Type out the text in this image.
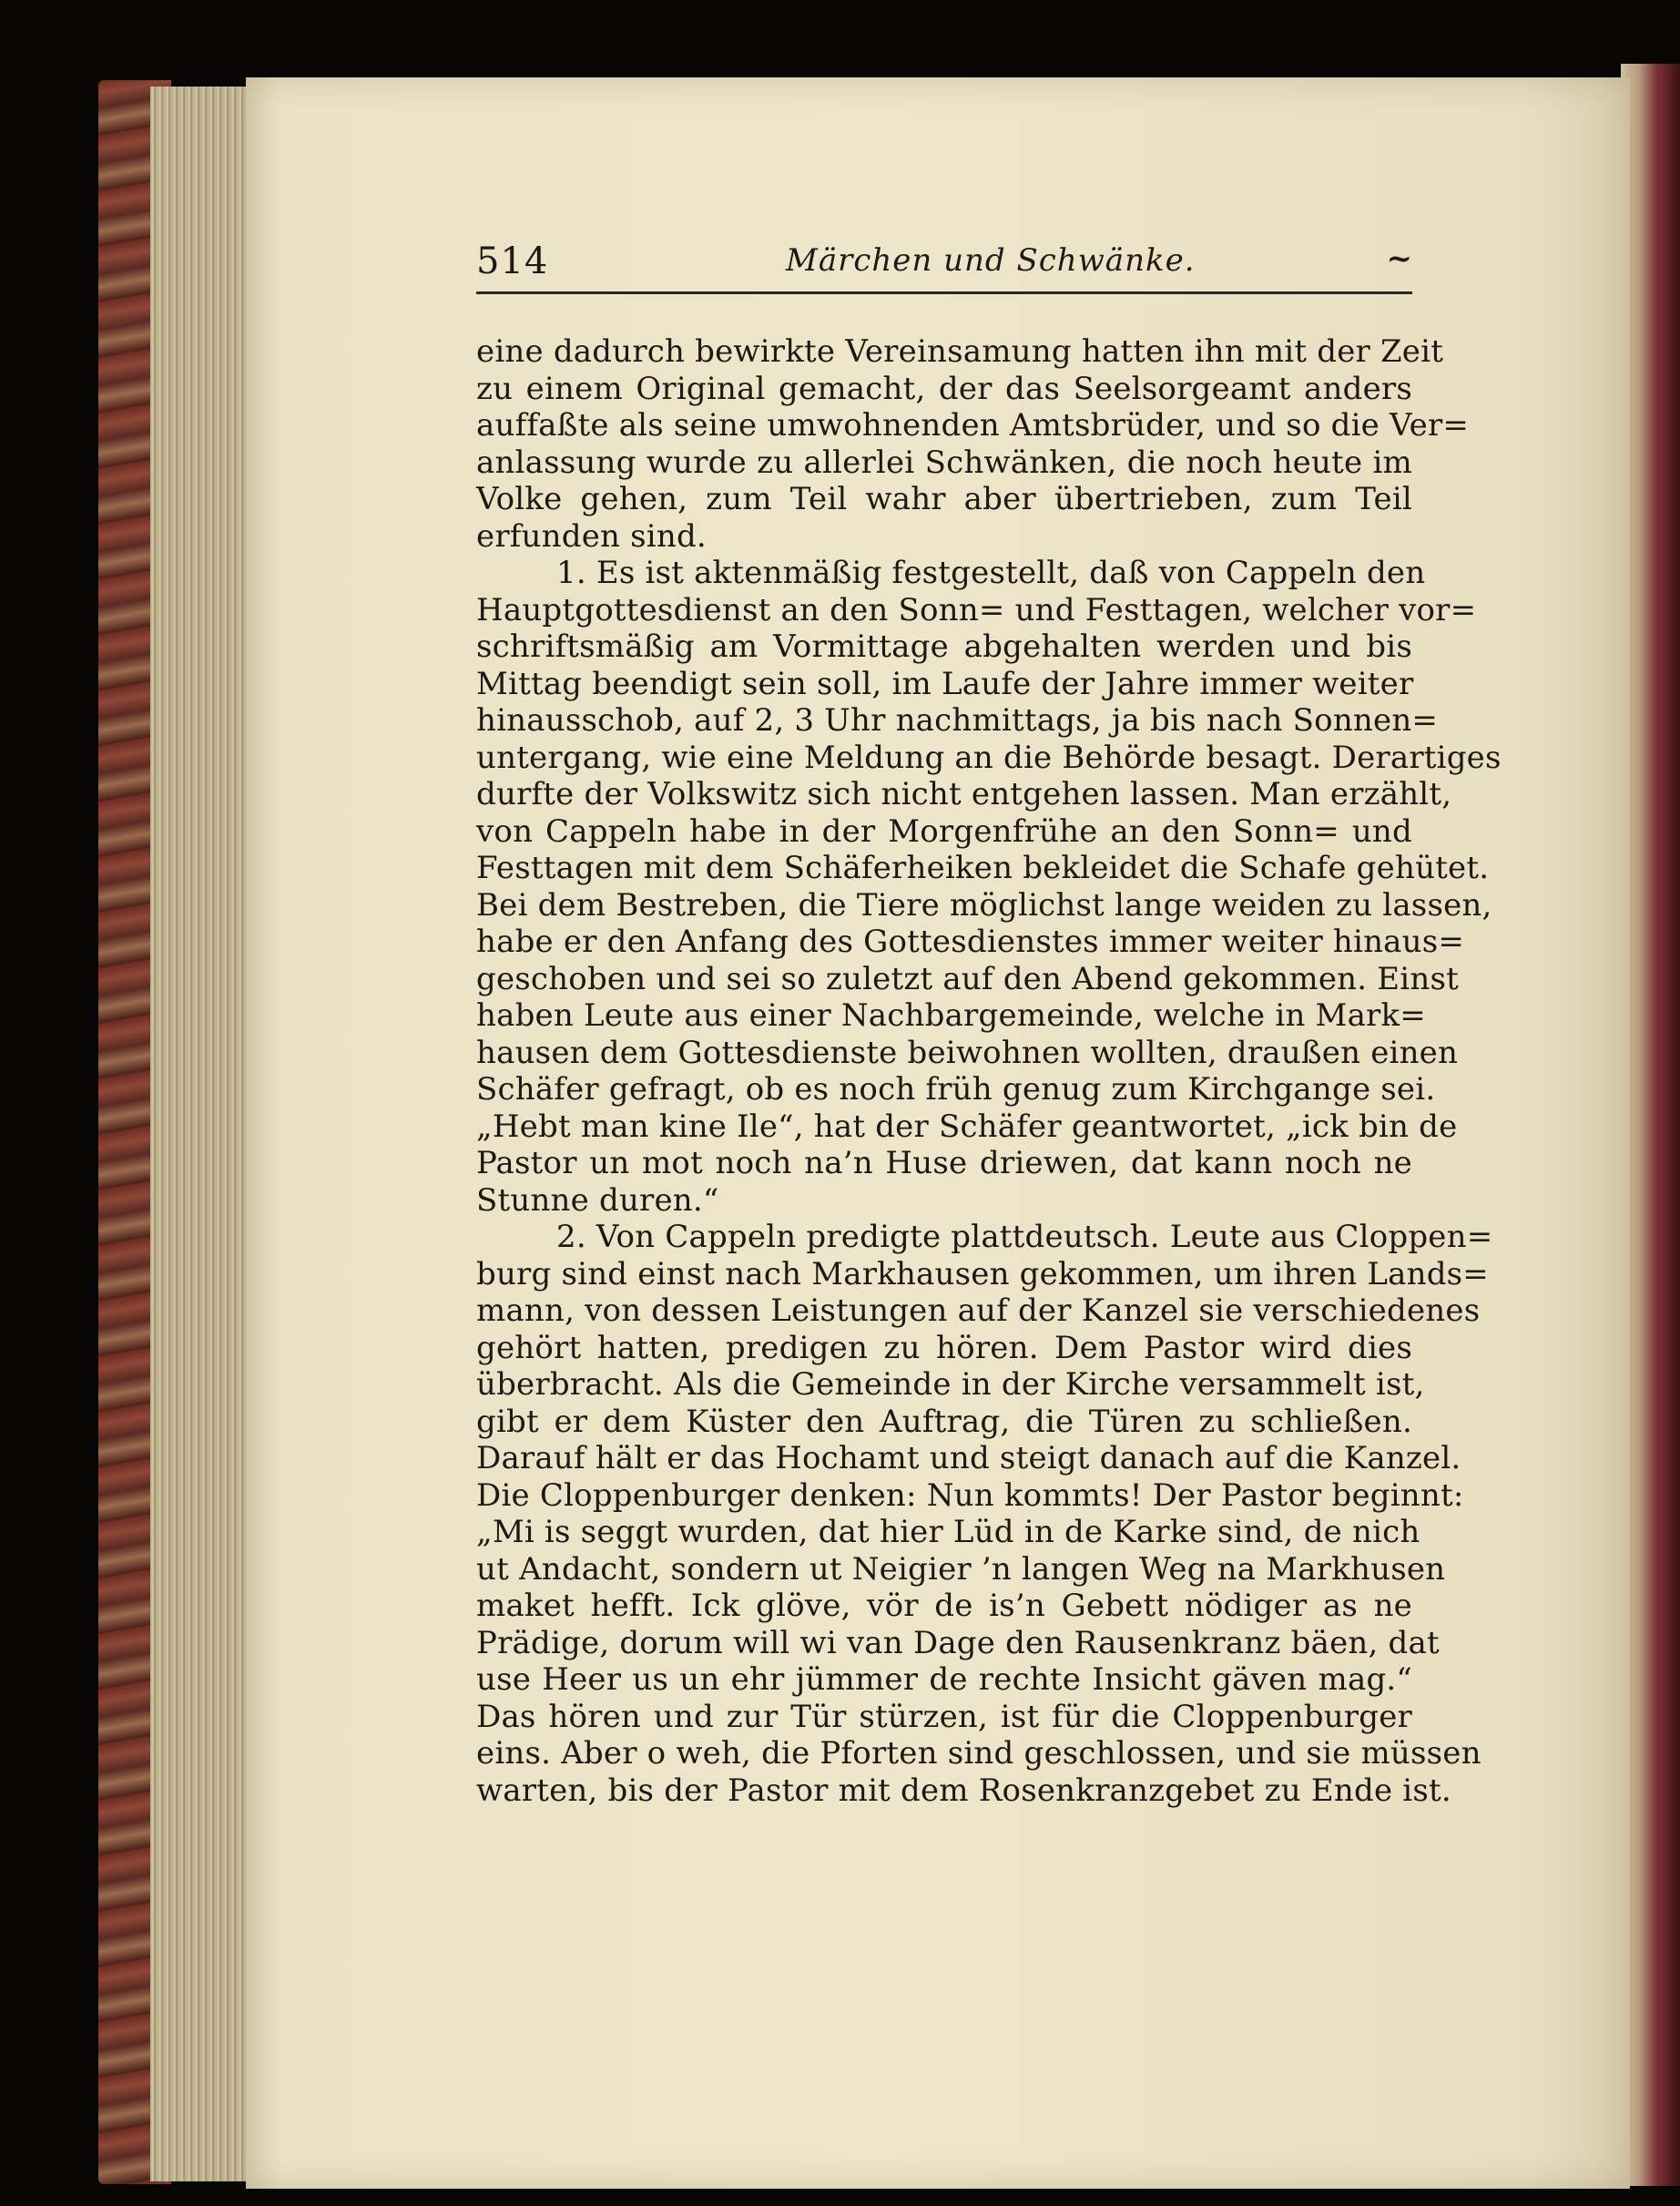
514	Märchen und Schwänke.	~
eine dadurch bewirkte Vereinsamung hatten ihn mit der Zeit
zu einem Original gemacht, der das Seelsorgeamt anders
auffaßte als seine umwohnenden Amtsbrüder, und so die Ver=
anlassung wurde zu allerlei Schwänken, die noch heute im
Volke gehen, zum Teil wahr aber übertrieben, zum Teil
erfunden sind.
1. Es ist aktenmäßig festgestellt, daß von Cappeln den
Hauptgottesdienst an den Sonn= und Festtagen, welcher vor=
schriftsmäßig am Vormittage abgehalten werden und bis
Mittag beendigt sein soll, im Laufe der Jahre immer weiter
hinausschob, auf 2, 3 Uhr nachmittags, ja bis nach Sonnen=
untergang, wie eine Meldung an die Behörde besagt. Derartiges
durfte der Volkswitz sich nicht entgehen lassen. Man erzählt,
von Cappeln habe in der Morgenfrühe an den Sonn= und
Festtagen mit dem Schäferheiken bekleidet die Schafe gehütet.
Bei dem Bestreben, die Tiere möglichst lange weiden zu lassen,
habe er den Anfang des Gottesdienstes immer weiter hinaus=
geschoben und sei so zuletzt auf den Abend gekommen. Einst
haben Leute aus einer Nachbargemeinde, welche in Mark=
hausen dem Gottesdienste beiwohnen wollten, draußen einen
Schäfer gefragt, ob es noch früh genug zum Kirchgange sei.
„Hebt man kine Ile“, hat der Schäfer geantwortet, „ick bin de
Pastor un mot noch na’n Huse driewen, dat kann noch ne
Stunne duren.“
2. Von Cappeln predigte plattdeutsch. Leute aus Cloppen=
burg sind einst nach Markhausen gekommen, um ihren Lands=
mann, von dessen Leistungen auf der Kanzel sie verschiedenes
gehört hatten, predigen zu hören. Dem Pastor wird dies
überbracht. Als die Gemeinde in der Kirche versammelt ist,
gibt er dem Küster den Auftrag, die Türen zu schließen.
Darauf hält er das Hochamt und steigt danach auf die Kanzel.
Die Cloppenburger denken: Nun kommts! Der Pastor beginnt:
„Mi is seggt wurden, dat hier Lüd in de Karke sind, de nich
ut Andacht, sondern ut Neigier ’n langen Weg na Markhusen
maket hefft. Ick glöve, vör de is’n Gebett nödiger as ne
Prädige, dorum will wi van Dage den Rausenkranz bäen, dat
use Heer us un ehr jümmer de rechte Insicht gäven mag.“
Das hören und zur Tür stürzen, ist für die Cloppenburger
eins. Aber o weh, die Pforten sind geschlossen, und sie müssen
warten, bis der Pastor mit dem Rosenkranzgebet zu Ende ist.
